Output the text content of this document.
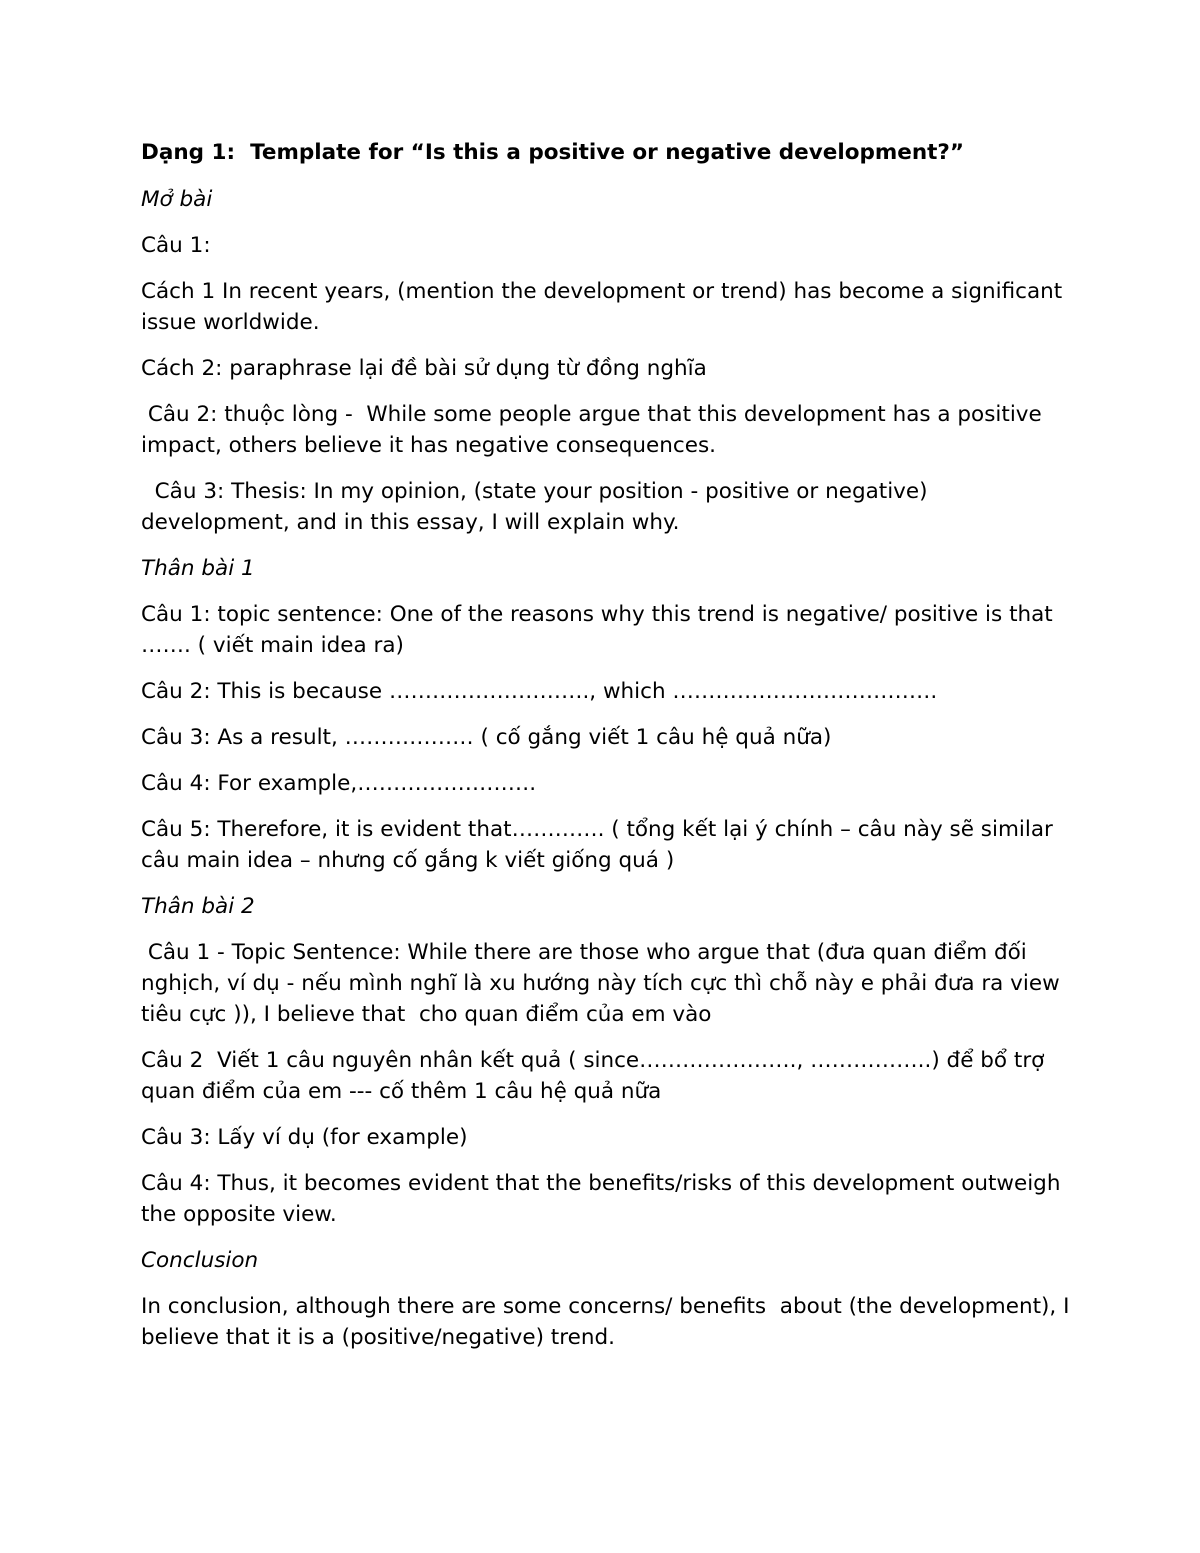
Dạng 1:  Template for “Is this a positive or negative development?”

Mở bài

Câu 1:

Cách 1 In recent years, (mention the development or trend) has become a significant issue worldwide.

Cách 2: paraphrase lại đề bài sử dụng từ đồng nghĩa

Câu 2: thuộc lòng -  While some people argue that this development has a positive impact, others believe it has negative consequences.

Câu 3: Thesis: In my opinion, (state your position - positive or negative) development, and in this essay, I will explain why.

Thân bài 1

Câu 1: topic sentence: One of the reasons why this trend is negative/ positive is that  ……. ( viết main idea ra)

Câu 2: This is because ………………………., which ……………………………….

Câu 3: As a result, ……………… ( cố gắng viết 1 câu hệ quả nữa)

Câu 4: For example,…………………….

Câu 5: Therefore, it is evident that…………. ( tổng kết lại ý chính – câu này sẽ similar câu main idea – nhưng cố gắng k viết giống quá )

Thân bài 2

Câu 1 - Topic Sentence: While there are those who argue that (đưa quan điểm đối nghịch, ví dụ - nếu mình nghĩ là xu hướng này tích cực thì chỗ này e phải đưa ra view tiêu cực )), I believe that  cho quan điểm của em vào

Câu 2  Viết 1 câu nguyên nhân kết quả ( since…………………., ……………..) để bổ trợ quan điểm của em --- cố thêm 1 câu hệ quả nữa

Câu 3: Lấy ví dụ (for example)

Câu 4: Thus, it becomes evident that the benefits/risks of this development outweigh the opposite view.

Conclusion

In conclusion, although there are some concerns/ benefits  about (the development), I believe that it is a (positive/negative) trend.
